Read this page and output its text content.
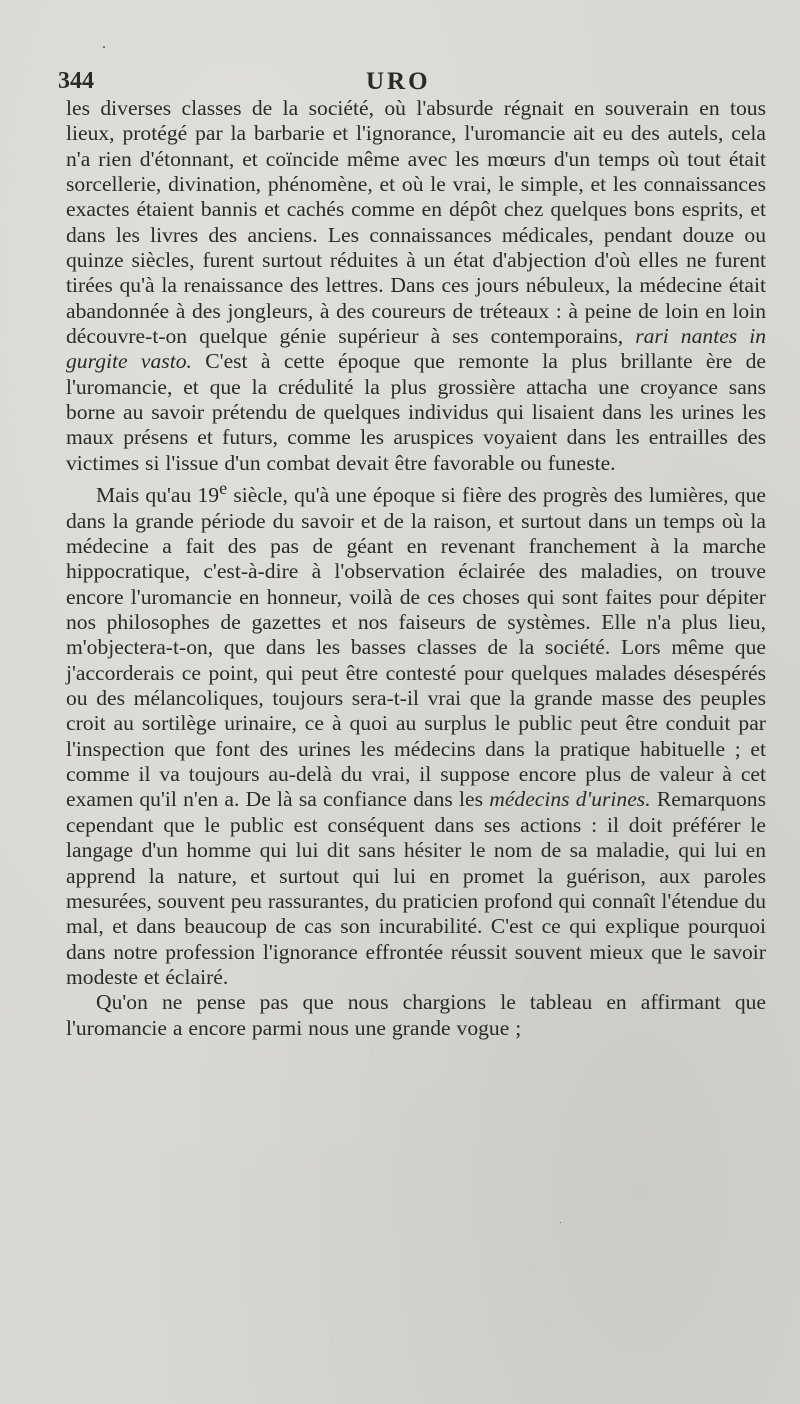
344	URO

les diverses classes de la société, où l'absurde régnait en souverain en tous lieux, protégé par la barbarie et l'ignorance, l'uromancie ait eu des autels, cela n'a rien d'étonnant, et coïncide même avec les mœurs d'un temps où tout était sorcellerie, divination, phénomène, et où le vrai, le simple, et les connaissances exactes étaient bannis et cachés comme en dépôt chez quelques bons esprits, et dans les livres des anciens. Les connaissances médicales, pendant douze ou quinze siècles, furent surtout réduites à un état d'abjection d'où elles ne furent tirées qu'à la renaissance des lettres. Dans ces jours nébuleux, la médecine était abandonnée à des jongleurs, à des coureurs de tréteaux : à peine de loin en loin découvre-t-on quelque génie supérieur à ses contemporains, rari nantes in gurgite vasto. C'est à cette époque que remonte la plus brillante ère de l'uromancie, et que la crédulité la plus grossière attacha une croyance sans borne au savoir prétendu de quelques individus qui lisaient dans les urines les maux présens et futurs, comme les aruspices voyaient dans les entrailles des victimes si l'issue d'un combat devait être favorable ou funeste.

Mais qu'au 19e siècle, qu'à une époque si fière des progrès des lumières, que dans la grande période du savoir et de la raison, et surtout dans un temps où la médecine a fait des pas de géant en revenant franchement à la marche hippocratique, c'est-à-dire à l'observation éclairée des maladies, on trouve encore l'uromancie en honneur, voilà de ces choses qui sont faites pour dépiter nos philosophes de gazettes et nos faiseurs de systèmes. Elle n'a plus lieu, m'objectera-t-on, que dans les basses classes de la société. Lors même que j'accorderais ce point, qui peut être contesté pour quelques malades désespérés ou des mélancoliques, toujours sera-t-il vrai que la grande masse des peuples croit au sortilège urinaire, ce à quoi au surplus le public peut être conduit par l'inspection que font des urines les médecins dans la pratique habituelle ; et comme il va toujours au-delà du vrai, il suppose encore plus de valeur à cet examen qu'il n'en a. De là sa confiance dans les médecins d'urines. Remarquons cependant que le public est conséquent dans ses actions : il doit préférer le langage d'un homme qui lui dit sans hésiter le nom de sa maladie, qui lui en apprend la nature, et surtout qui lui en promet la guérison, aux paroles mesurées, souvent peu rassurantes, du praticien profond qui connaît l'étendue du mal, et dans beaucoup de cas son incurabilité. C'est ce qui explique pourquoi dans notre profession l'ignorance effrontée réussit souvent mieux que le savoir modeste et éclairé.

Qu'on ne pense pas que nous chargions le tableau en affirmant que l'uromancie a encore parmi nous une grande vogue ;
